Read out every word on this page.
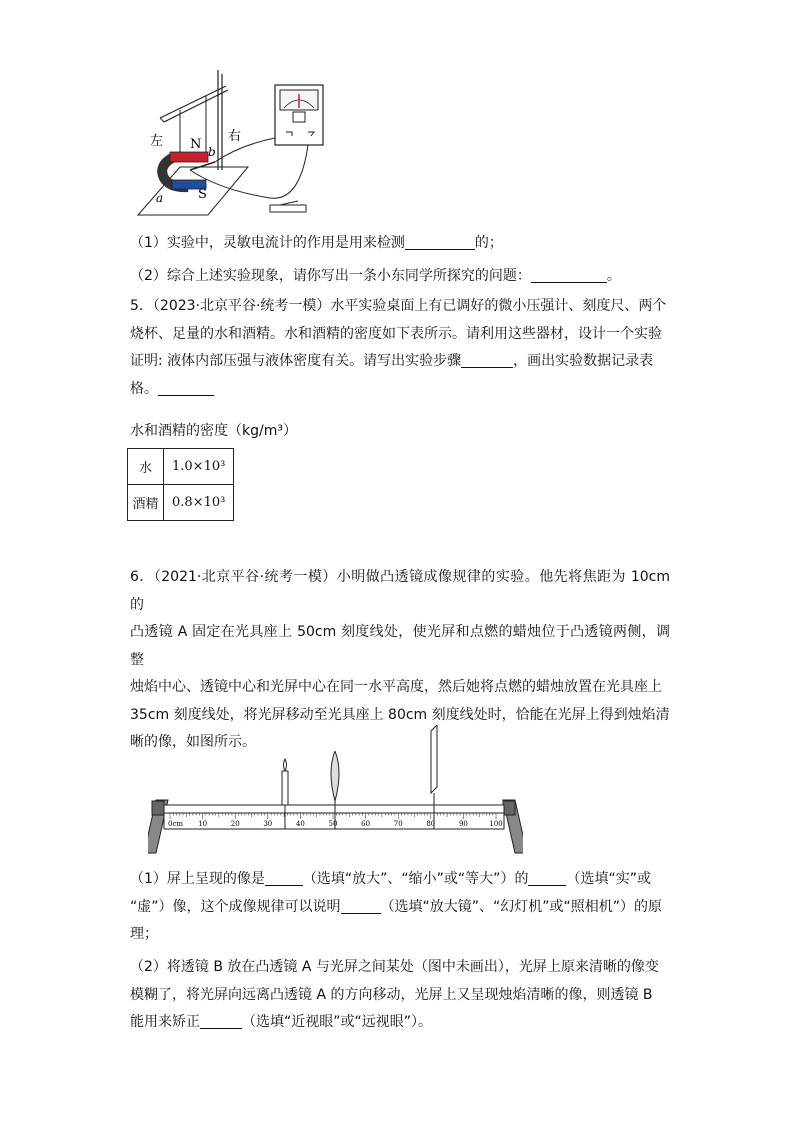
左	右
N
S
a
b
（1）实验中，灵敏电流计的作用是用来检测	的；
（2）综合上述实验现象，请你写出一条小东同学所探究的问题：	。
5．（2023·北京平谷·统考一模）水平实验桌面上有已调好的微小压强计、刻度尺、两个
烧杯、足量的水和酒精。水和酒精的密度如下表所示。请利用这些器材，设计一个实验
证明: 液体内部压强与液体密度有关。请写出实验步骤	，画出实验数据记录表
格。
水和酒精的密度（kg/m³）
水	1.0×10³
酒精	0.8×10³
6．（2021·北京平谷·统考一模）小明做凸透镜成像规律的实验。他先将焦距为 10cm 的
凸透镜 A 固定在光具座上 50cm 刻度线处，使光屏和点燃的蜡烛位于凸透镜两侧，调整
烛焰中心、透镜中心和光屏中心在同一水平高度，然后她将点燃的蜡烛放置在光具座上
35cm 刻度线处，将光屏移动至光具座上 80cm 刻度线处时，恰能在光屏上得到烛焰清
晰的像，如图所示。
0cm 10	20	30	40	50	60	70	80	90	100
（1）屏上呈现的像是	（选填“放大”、“缩小”或“等大”）的	（选填“实”或
“虚”）像，这个成像规律可以说明	（选填“放大镜”、“幻灯机”或“照相机”）的原
理；
（2）将透镜 B 放在凸透镜 A 与光屏之间某处（图中未画出），光屏上原来清晰的像变
模糊了，将光屏向远离凸透镜 A 的方向移动，光屏上又呈现烛焰清晰的像，则透镜 B
能用来矫正	（选填“近视眼”或“远视眼”）。
